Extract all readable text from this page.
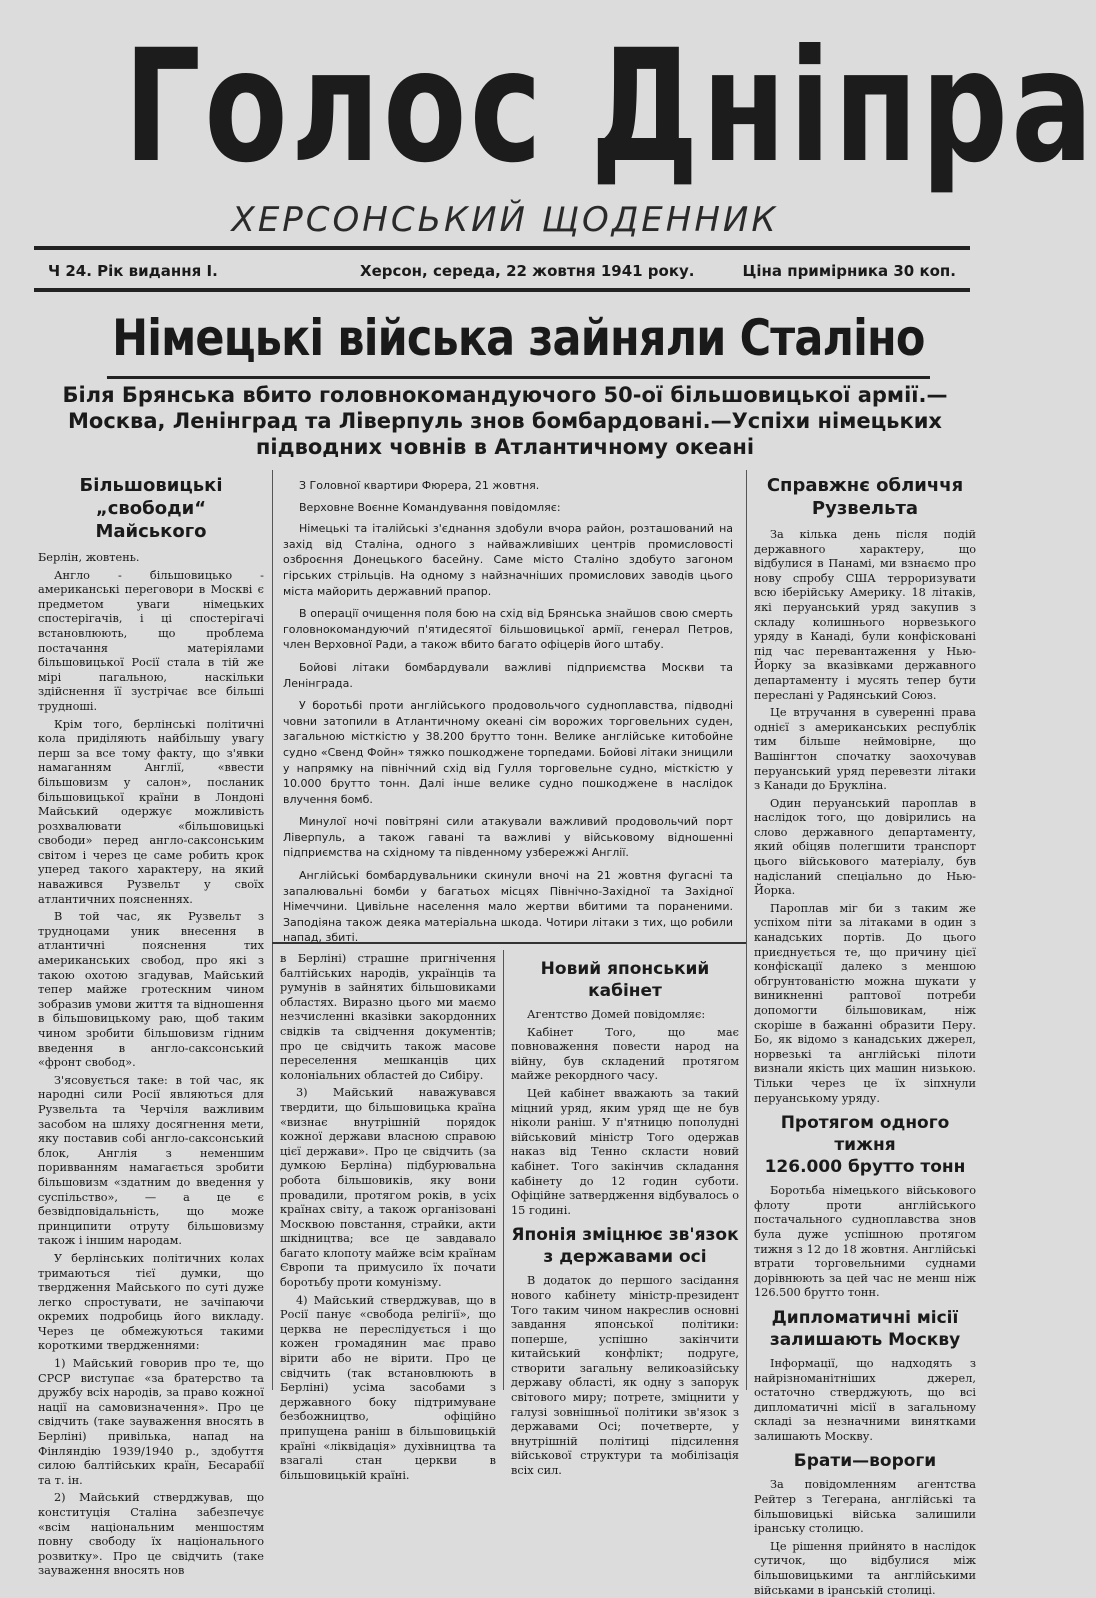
Голос Дніпра
ХЕРСОНСЬКИЙ ЩОДЕННИК
Ч 24. Рік видання І.	Херсон, середа, 22 жовтня 1941 року.	Ціна примірника 30 коп.
Німецькі війська зайняли Сталіно
Біля Брянська вбито головнокомандуючого 50-ої більшовицької армії.—
Москва, Ленінград та Ліверпуль знов бомбардовані.—Успіхи німецьких
підводних човнів в Атлантичному океані
Більшовицькі „свободи“
Майського

Берлін, жовтень.

Англо - більшовицько - американські переговори в Москві є предметом уваги німецьких спостерігачів, і ці спостерігачі встановлюють, що проблема постачання матеріялами більшовицької Росії стала в тій же мірі пагальною, наскільки здійснення її зустрічає все більші трудноші.

Крім того, берлінські політичні кола приділяють найбільшу увагу перш за все тому факту, що з'явки намаганням Англії, «ввести більшовизм у салон», посланик більшовицької країни в Лондоні Майський одержує можливість розхвалювати «більшовицькі свободи» перед англо-саксонським світом і через це саме робить крок уперед такого характеру, на який наважився Рузвельт у своїх атлантичних поясненнях.

В той час, як Рузвельт з трудноцами уник внесення в атлантичні пояснення тих американських свобод, про які з такою охотою згадував, Майський тепер майже гротескним чином зобразив умови життя та відношення в більшовицькому раю, щоб таким чином зробити більшовизм гідним введення в англо-саксонський «фронт свобод».

З'ясовується таке: в той час, як народні сили Росії являються для Рузвельта та Черчіля важливим засобом на шляху досягнення мети, яку поставив собі англо-саксонський блок, Англія з неменшим поривванням намагається зробити більшовизм «здатним до введення у суспільство», — а це є безвідповідальність, що може принципити отруту більшовизму також і іншим народам.

У берлінських політичних колах тримаються тієї думки, що твердження Майського по суті дуже легко спростувати, не зачіпаючи окремих подробиць його викладу. Через це обмежуються такими короткими твердженнями:

1) Майський говорив про те, що СРСР виступає «за братерство та дружбу всіх народів, за право кожної нації на самовизначення». Про це свідчить (таке зауваження вносять в Берліні) привілька, напад на Фінляндію 1939/1940 р., здобуття силою балтійських країн, Бесарабії та т. ін.

2) Майський стверджував, що конституція Сталіна забезпечує «всім національним меншостям повну свободу їх національного розвитку». Про це свідчить (таке зауваження вносять нов

З Головної квартири Фюрера, 21 жовтня.

Верховне Воєнне Командування повідомляє:

Німецькі та італійські з'єднання здобули вчора район, розташований на захід від Сталіна, одного з найважливіших центрів промисловості озброєння Донецького басейну. Саме місто Сталіно здобуто загоном гірських стрільців. На одному з найзначніших промислових заводів цього міста майорить державний прапор.

В операції очищення поля бою на схід від Брянська знайшов свою смерть головнокомандуючий п'ятидесятої більшовицької армії, генерал Петров, член Верховної Ради, а також вбито багато офіцерів його штабу.

Бойові літаки бомбардували важливі підприємства Москви та Ленінграда.

У боротьбі проти англійського продовольчого судноплавства, підводні човни затопили в Атлантичному океані сім ворожих торговельних суден, загальною місткістю у 38.200 брутто тонн. Велике англійське китобойне судно «Свенд Фойн» тяжко пошкоджене торпедами. Бойові літаки знищили у напрямку на північний схід від Гулля торговельне судно, місткістю у 10.000 брутто тонн. Далі інше велике судно пошкоджене в наслідок влучення бомб.

Минулої ночі повітряні сили атакували важливий продовольчий порт Ліверпуль, а також гавані та важливі у військовому відношенні підприємства на східному та південному узбережжі Англії.

Англійські бомбардувальники скинули вночі на 21 жовтня фугасні та запалювальні бомби у багатьох місцях Північно-Західної та Західної Німеччини. Цивільне населення мало жертви вбитими та пораненими. Заподіяна також деяка матеріальна шкода. Чотири літаки з тих, що робили напад, збиті.

в Берліні) страшне пригнічення балтійських народів, українців та румунів в зайнятих більшовиками областях. Виразно цього ми маємо незчисленні вказівки закордонних свідків та свідчення документів; про це свідчить також масове переселення мешканців цих колоніальних областей до Сибіру.

3) Майський наважувався твердити, що більшовицька країна «визнає внутрішній порядок кожної держави власною справою цієї держави». Про це свідчить (за думкою Берліна) підбурювальна робота більшовиків, яку вони провадили, протягом років, в усіх країнах світу, а також організовані Москвою повстання, страйки, акти шкідництва; все це завдавало багато клопоту майже всім країнам Європи та примусило їх почати боротьбу проти комунізму.

4) Майський стверджував, що в Росії панує «свобода релігії», що церква не переслідується і що кожен громадянин має право вірити або не вірити. Про це свідчить (так встановлюють в Берліні) усіма засобами з державного боку підтримуване безбожництво, офіційно припущена раніш в більшовицькій країні «ліквідація» духівництва та взагалі стан церкви в більшовицькій країні.

Новий японський кабінет

Агентство Домей повідомляє:

Кабінет Того, що має повноваження повести народ на війну, був складений протягом майже рекордного часу.

Цей кабінет вважають за такий міцний уряд, яким уряд ще не був ніколи раніш. У п'ятницю пополудні військовий міністр Того одержав наказ від Тенно скласти новий кабінет. Того закінчив складання кабінету до 12 годин суботи. Офіційне затвердження відбувалось о 15 годині.

Японія зміцнює зв'язок
з державами осі

В додаток до першого засідання нового кабінету міністр-президент Того таким чином накреслив основні завдання японської політики: поперше, успішно закінчити китайський конфлікт; подруге, створити загальну великоазійську державу області, як одну з запорук світового миру; потрете, зміцнити у галузі зовнішньої політики зв'язок з державами Осі; почетверте, у внутрішній політиці підсилення військової структури та мобілізація всіх сил.

Справжнє обличчя
Рузвельта

За кілька день після подій державного характеру, що відбулися в Панамі, ми взнаємо про нову спробу США терроризувати всю іберійську Америку. 18 літаків, які перуанський уряд закупив з складу колишнього норвезького уряду в Канаді, були конфісковані під час перевантаження у Нью-Йорку за вказівками державного департаменту і мусять тепер бути переслані у Радянський Союз.

Це втручання в суверенні права однієї з американських республік тим більше неймовірне, що Вашінгтон спочатку заохочував перуанський уряд перевезти літаки з Канади до Брукліна.

Один перуанський пароплав в наслідок того, що довірились на слово державного департаменту, який обіцяв полегшити транспорт цього військового матеріалу, був надісланий спеціально до Нью-Йорка.

Пароплав міг би з таким же успіхом піти за літаками в один з канадських портів. До цього приєднується те, що причину цієї конфіскації далеко з меншою обгрунтованістю можна шукати у виникненні раптової потреби допомогти більшовикам, ніж скоріше в бажанні образити Перу. Бо, як відомо з канадських джерел, норвезькі та англійські пілоти визнали якість цих машин низькою. Тільки через це їх зіпхнули перуанському уряду.

Протягом одного тижня
126.000 брутто тонн

Боротьба німецького військового флоту проти англійського постачального судноплавства знов була дуже успішною протягом тижня з 12 до 18 жовтня. Англійські втрати торговельними суднами дорівнюють за цей час не менш ніж 126.500 брутто тонн.

Дипломатичні місії
залишають Москву

Інформації, що надходять з найрізноманітніших джерел, остаточно стверджують, що всі дипломатичні місії в загальному складі за незначними винятками залишають Москву.

Брати—вороги

За повідомленням агентства Рейтер з Тегерана, англійські та більшовицькі війська залишили іранську столицю.

Це рішення прийнято в наслідок сутичок, що відбулися між більшовицькими та англійськими військами в іранській столиці.
